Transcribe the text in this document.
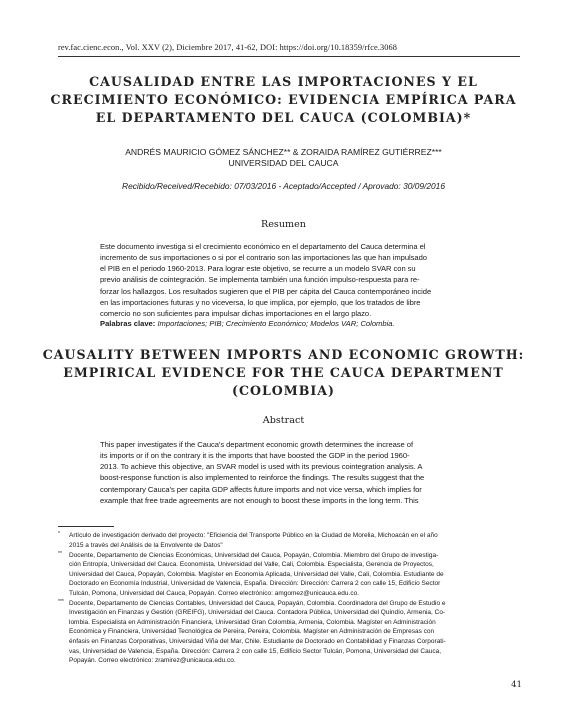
rev.fac.cienc.econ., Vol. XXV (2), Diciembre 2017, 41-62, DOI: https://doi.org/10.18359/rfce.3068
CAUSALIDAD ENTRE LAS IMPORTACIONES Y EL
CRECIMIENTO ECONÓMICO: EVIDENCIA EMPÍRICA PARA
EL DEPARTAMENTO DEL CAUCA (COLOMBIA)*
ANDRÉS MAURICIO GÓMEZ SÁNCHEZ** & ZORAIDA RAMÍREZ GUTIÉRREZ***
UNIVERSIDAD DEL CAUCA
Recibido/Received/Recebido: 07/03/2016 - Aceptado/Accepted / Aprovado: 30/09/2016
Resumen
Este documento investiga si el crecimiento económico en el departamento del Cauca determina el
incremento de sus importaciones o si por el contrario son las importaciones las que han impulsado
el PIB en el periodo 1960-2013. Para lograr este objetivo, se recurre a un modelo SVAR con su
previo análisis de cointegración. Se implementa también una función impulso-respuesta para re-
forzar los hallazgos. Los resultados sugieren que el PIB per cápita del Cauca contemporáneo incide
en las importaciones futuras y no viceversa, lo que implica, por ejemplo, que los tratados de libre
comercio no son suficientes para impulsar dichas importaciones en el largo plazo.
Palabras clave: Importaciones; PIB; Crecimiento Económico; Modelos VAR; Colombia.
CAUSALITY BETWEEN IMPORTS AND ECONOMIC GROWTH:
EMPIRICAL EVIDENCE FOR THE CAUCA DEPARTMENT
(COLOMBIA)
Abstract
This paper investigates if the Cauca's department economic growth determines the increase of
its imports or if on the contrary it is the imports that have boosted the GDP in the period 1960-
2013. To achieve this objective, an SVAR model is used with its previous cointegration analysis. A
boost-response function is also implemented to reinforce the findings. The results suggest that the
contemporary Cauca's per capita GDP affects future imports and not vice versa, which implies for
example that free trade agreements are not enough to boost these imports in the long term. This
* Artículo de investigación derivado del proyecto: "Eficiencia del Transporte Público en la Ciudad de Morelia, Michoacán en el año
2015 a través del Análisis de la Envolvente de Datos"
** Docente, Departamento de Ciencias Económicas, Universidad del Cauca, Popayán, Colombia. Miembro del Grupo de investiga-
ción Entropía, Universidad del Cauca. Economista, Universidad del Valle, Cali, Colombia. Especialista, Gerencia de Proyectos,
Universidad del Cauca, Popayán, Colombia. Magíster en Economía Aplicada, Universidad del Valle, Cali, Colombia. Estudiante de
Doctorado en Economía Industrial, Universidad de Valencia, España. Dirección: Dirección: Carrera 2 con calle 15, Edificio Sector
Tulcán, Pomona, Universidad del Cauca, Popayán. Correo electrónico: amgomez@unicauca.edu.co.
*** Docente, Departamento de Ciencias Contables, Universidad del Cauca, Popayán, Colombia. Coordinadora del Grupo de Estudio e
Investigación en Finanzas y Gestión (GREIFG), Universidad del Cauca. Contadora Pública, Universidad del Quindío, Armenia, Co-
lombia. Especialista en Administración Financiera, Universidad Gran Colombia, Armenia, Colombia. Magíster en Administración
Económica y Financiera, Universidad Tecnológica de Pereira, Pereira, Colombia. Magíster en Administración de Empresas con
énfasis en Finanzas Corporativas, Universidad Viña del Mar, Chile. Estudiante de Doctorado en Contabilidad y Finanzas Corporati-
vas, Universidad de Valencia, España. Dirección: Carrera 2 con calle 15, Edificio Sector Tulcán, Pomona, Universidad del Cauca,
Popayán. Correo electrónico: zramirez@unicauca.edu.co.
41
